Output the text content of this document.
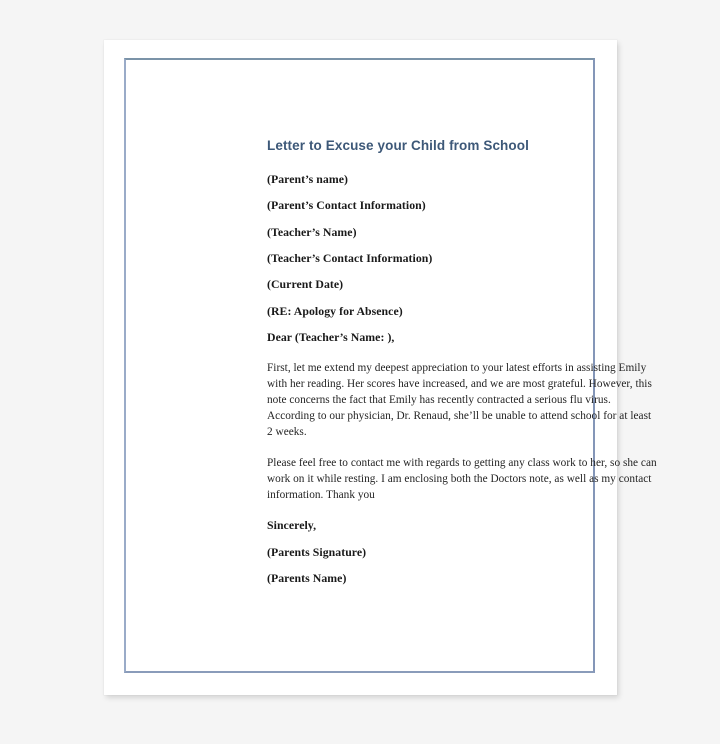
Letter to Excuse your Child from School

(Parent’s name)

(Parent’s Contact Information)

(Teacher’s Name)

(Teacher’s Contact Information)

(Current Date)

(RE: Apology for Absence)

Dear (Teacher’s Name: ),

First, let me extend my deepest appreciation to your latest efforts in assisting Emily with her reading. Her scores have increased, and we are most grateful. However, this note concerns the fact that Emily has recently contracted a serious flu virus. According to our physician, Dr. Renaud, she’ll be unable to attend school for at least 2 weeks.

Please feel free to contact me with regards to getting any class work to her, so she can work on it while resting. I am enclosing both the Doctors note, as well as my contact information. Thank you

Sincerely,

(Parents Signature)

(Parents Name)
